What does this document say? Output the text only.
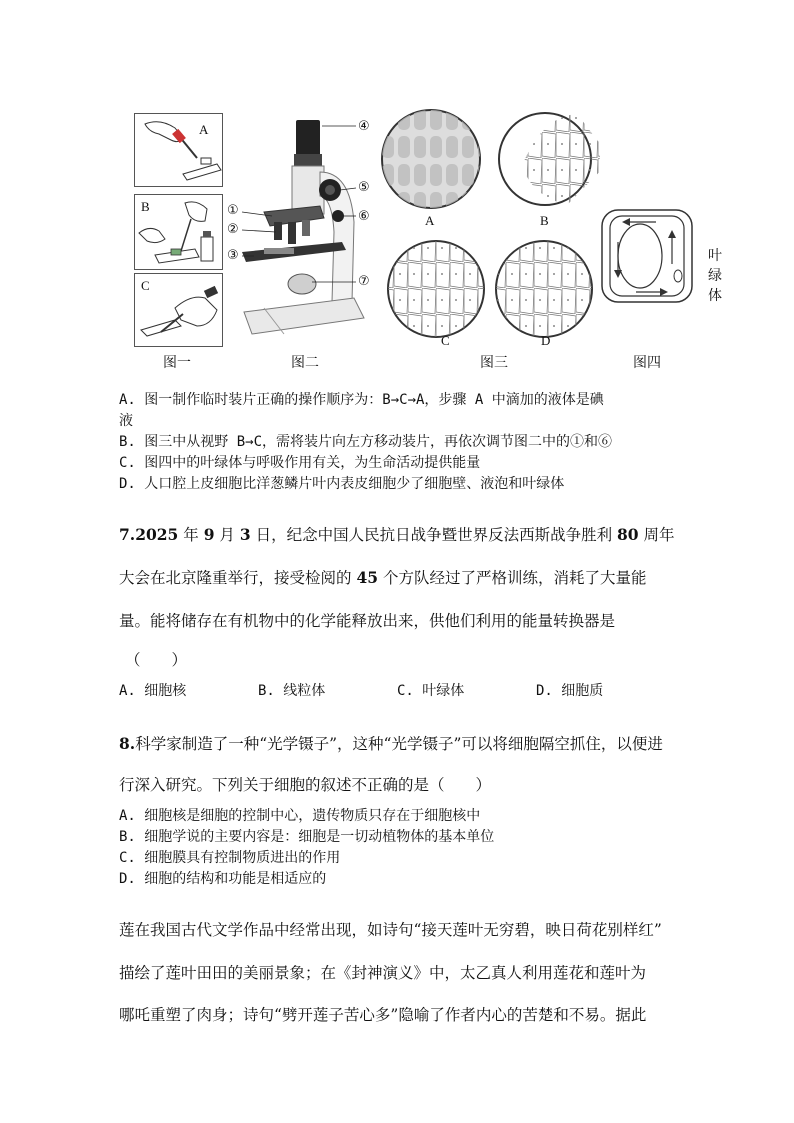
A
B
C
图一
④
⑤
⑥
①
②
③
⑦
图二
A	B
C	D
图三
叶
绿
体
图四
A. 图一制作临时装片正确的操作顺序为：B→C→A，步骤 A 中滴加的液体是碘
液
B. 图三中从视野 B→C，需将装片向左方移动装片，再依次调节图二中的①和⑥
C. 图四中的叶绿体与呼吸作用有关，为生命活动提供能量
D. 人口腔上皮细胞比洋葱鳞片叶内表皮细胞少了细胞壁、液泡和叶绿体
7.2025 年 9 月 3 日，纪念中国人民抗日战争暨世界反法西斯战争胜利 80 周年
大会在北京隆重举行，接受检阅的 45 个方队经过了严格训练，消耗了大量能
量。能将储存在有机物中的化学能释放出来，供他们利用的能量转换器是
（　　）
A. 细胞核	B. 线粒体	C. 叶绿体	D. 细胞质
8.科学家制造了一种“光学镊子”，这种“光学镊子”可以将细胞隔空抓住，以便进
行深入研究。下列关于细胞的叙述不正确的是（　　）
A. 细胞核是细胞的控制中心，遗传物质只存在于细胞核中
B. 细胞学说的主要内容是：细胞是一切动植物体的基本单位
C. 细胞膜具有控制物质进出的作用
D. 细胞的结构和功能是相适应的
莲在我国古代文学作品中经常出现，如诗句“接天莲叶无穷碧，映日荷花别样红”
描绘了莲叶田田的美丽景象；在《封神演义》中，太乙真人利用莲花和莲叶为
哪吒重塑了肉身；诗句“劈开莲子苦心多”隐喻了作者内心的苦楚和不易。据此
